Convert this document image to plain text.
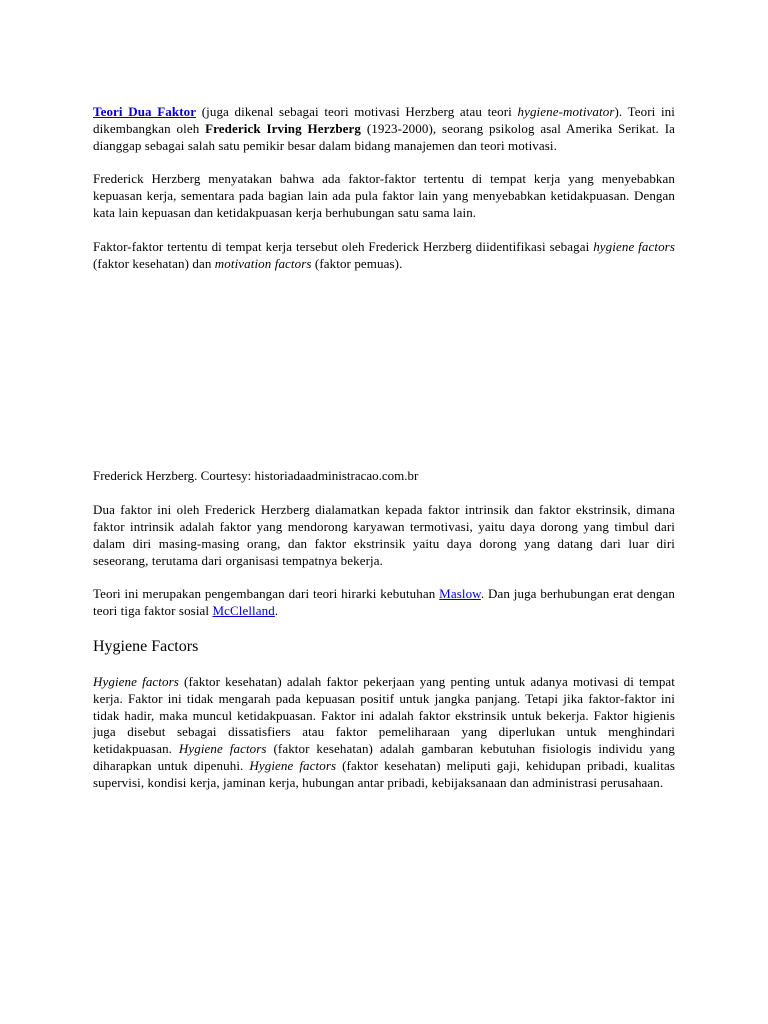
Teori Dua Faktor (juga dikenal sebagai teori motivasi Herzberg atau teori hygiene-motivator). Teori ini dikembangkan oleh Frederick Irving Herzberg (1923-2000), seorang psikolog asal Amerika Serikat. Ia dianggap sebagai salah satu pemikir besar dalam bidang manajemen dan teori motivasi.

Frederick Herzberg menyatakan bahwa ada faktor-faktor tertentu di tempat kerja yang menyebabkan kepuasan kerja, sementara pada bagian lain ada pula faktor lain yang menyebabkan ketidakpuasan. Dengan kata lain kepuasan dan ketidakpuasan kerja berhubungan satu sama lain.

Faktor-faktor tertentu di tempat kerja tersebut oleh Frederick Herzberg diidentifikasi sebagai hygiene factors (faktor kesehatan) dan motivation factors (faktor pemuas).

Frederick Herzberg. Courtesy: historiadaadministracao.com.br

Dua faktor ini oleh Frederick Herzberg dialamatkan kepada faktor intrinsik dan faktor ekstrinsik, dimana faktor intrinsik adalah faktor yang mendorong karyawan termotivasi, yaitu daya dorong yang timbul dari dalam diri masing-masing orang, dan faktor ekstrinsik yaitu daya dorong yang datang dari luar diri seseorang, terutama dari organisasi tempatnya bekerja.

Teori ini merupakan pengembangan dari teori hirarki kebutuhan Maslow. Dan juga berhubungan erat dengan teori tiga faktor sosial McClelland.

Hygiene Factors

Hygiene factors (faktor kesehatan) adalah faktor pekerjaan yang penting untuk adanya motivasi di tempat kerja. Faktor ini tidak mengarah pada kepuasan positif untuk jangka panjang. Tetapi jika faktor-faktor ini tidak hadir, maka muncul ketidakpuasan. Faktor ini adalah faktor ekstrinsik untuk bekerja. Faktor higienis juga disebut sebagai dissatisfiers atau faktor pemeliharaan yang diperlukan untuk menghindari ketidakpuasan. Hygiene factors (faktor kesehatan) adalah gambaran kebutuhan fisiologis individu yang diharapkan untuk dipenuhi. Hygiene factors (faktor kesehatan) meliputi gaji, kehidupan pribadi, kualitas supervisi, kondisi kerja, jaminan kerja, hubungan antar pribadi, kebijaksanaan dan administrasi perusahaan.
